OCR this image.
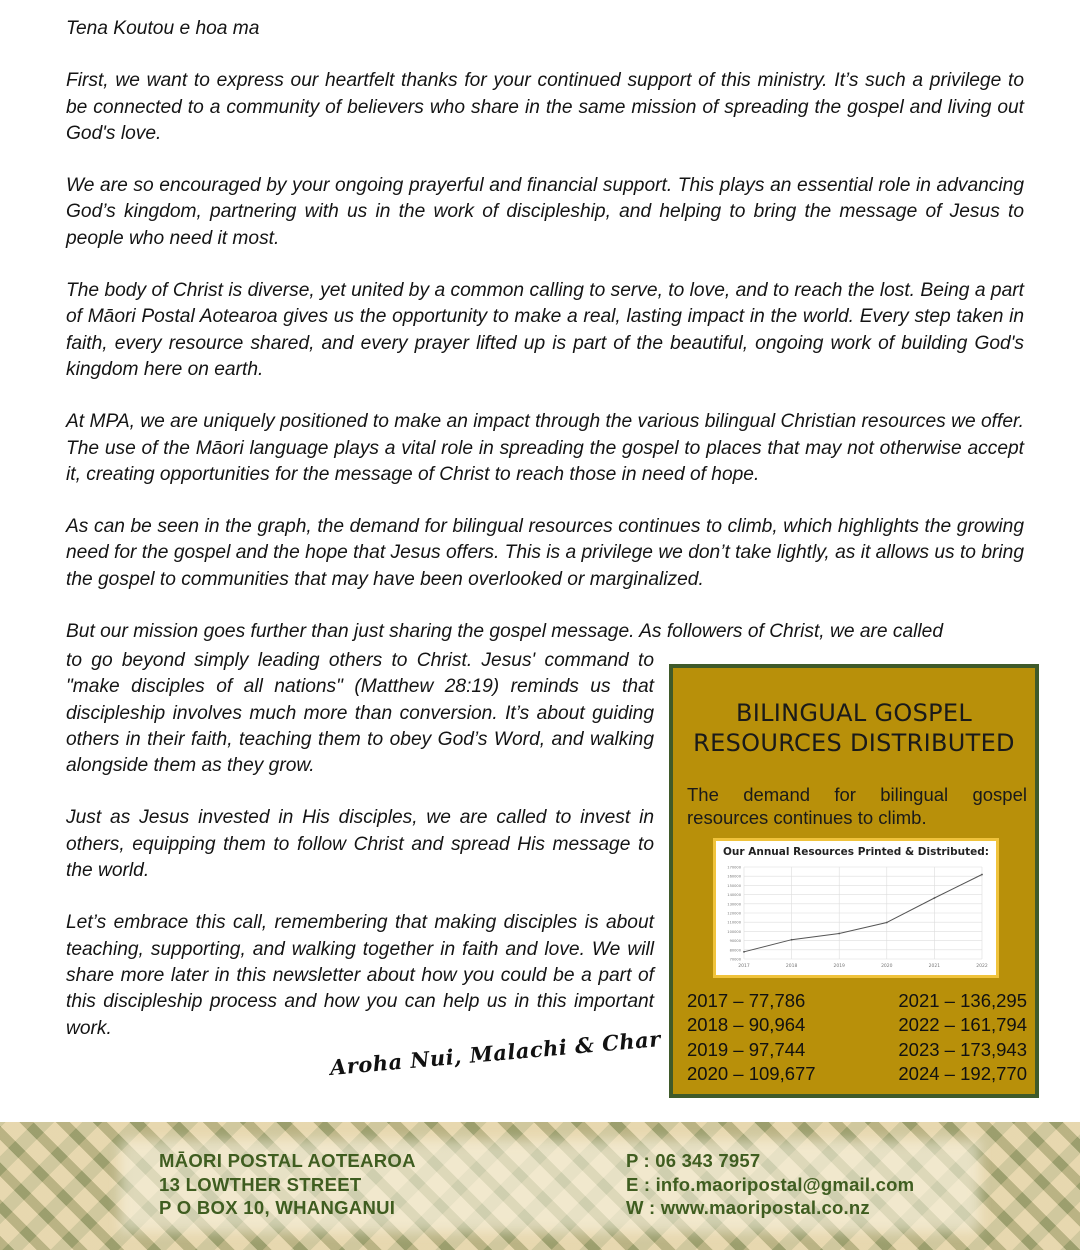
Tena Koutou e hoa ma

First, we want to express our heartfelt thanks for your continued support of this ministry. It’s such a privilege to be connected to a community of believers who share in the same mission of spreading the gospel and living out God's love.

We are so encouraged by your ongoing prayerful and financial support. This plays an essential role in advancing God’s kingdom, partnering with us in the work of discipleship, and helping to bring the message of Jesus to people who need it most.

The body of Christ is diverse, yet united by a common calling to serve, to love, and to reach the lost. Being a part of Māori Postal Aotearoa gives us the opportunity to make a real, lasting impact in the world. Every step taken in faith, every resource shared, and every prayer lifted up is part of the beautiful, ongoing work of building God's kingdom here on earth.

At MPA, we are uniquely positioned to make an impact through the various bilingual Christian resources we offer. The use of the Māori language plays a vital role in spreading the gospel to places that may not otherwise accept it, creating opportunities for the message of Christ to reach those in need of hope.

As can be seen in the graph, the demand for bilingual resources continues to climb, which highlights the growing need for the gospel and the hope that Jesus offers. This is a privilege we don’t take lightly, as it allows us to bring the gospel to communities that may have been overlooked or marginalized.

But our mission goes further than just sharing the gospel message. As followers of Christ, we are called

to go beyond simply leading others to Christ. Jesus' command to "make disciples of all nations" (Matthew 28:19) reminds us that discipleship involves much more than conversion. It’s about guiding others in their faith, teaching them to obey God’s Word, and walking alongside them as they grow.

Just as Jesus invested in His disciples, we are called to invest in others, equipping them to follow Christ and spread His message to the world.

Let’s embrace this call, remembering that making disciples is about teaching, supporting, and walking together in faith and love. We will share more later in this newsletter about how you could be a part of this discipleship process and how you can help us in this important work.	Aroha Nui, Malachi & Char
BILINGUAL GOSPEL
RESOURCES DISTRIBUTED
The demand for bilingual gospel resources continues to climb.
Our Annual Resources Printed & Distributed:
70000
80000
90000
100000
110000
120000
130000
140000
150000
160000
170000
2017	2018	2019	2020	2021	2022
2017 – 77,786	2021 – 136,295
2018 – 90,964	2022 – 161,794
2019 – 97,744	2023 – 173,943
2020 – 109,677	2024 – 192,770
MĀORI POSTAL AOTEAROA
13 LOWTHER STREET
P O BOX 10, WHANGANUI
P : 06 343 7957
E : info.maoripostal@gmail.com
W : www.maoripostal.co.nz
